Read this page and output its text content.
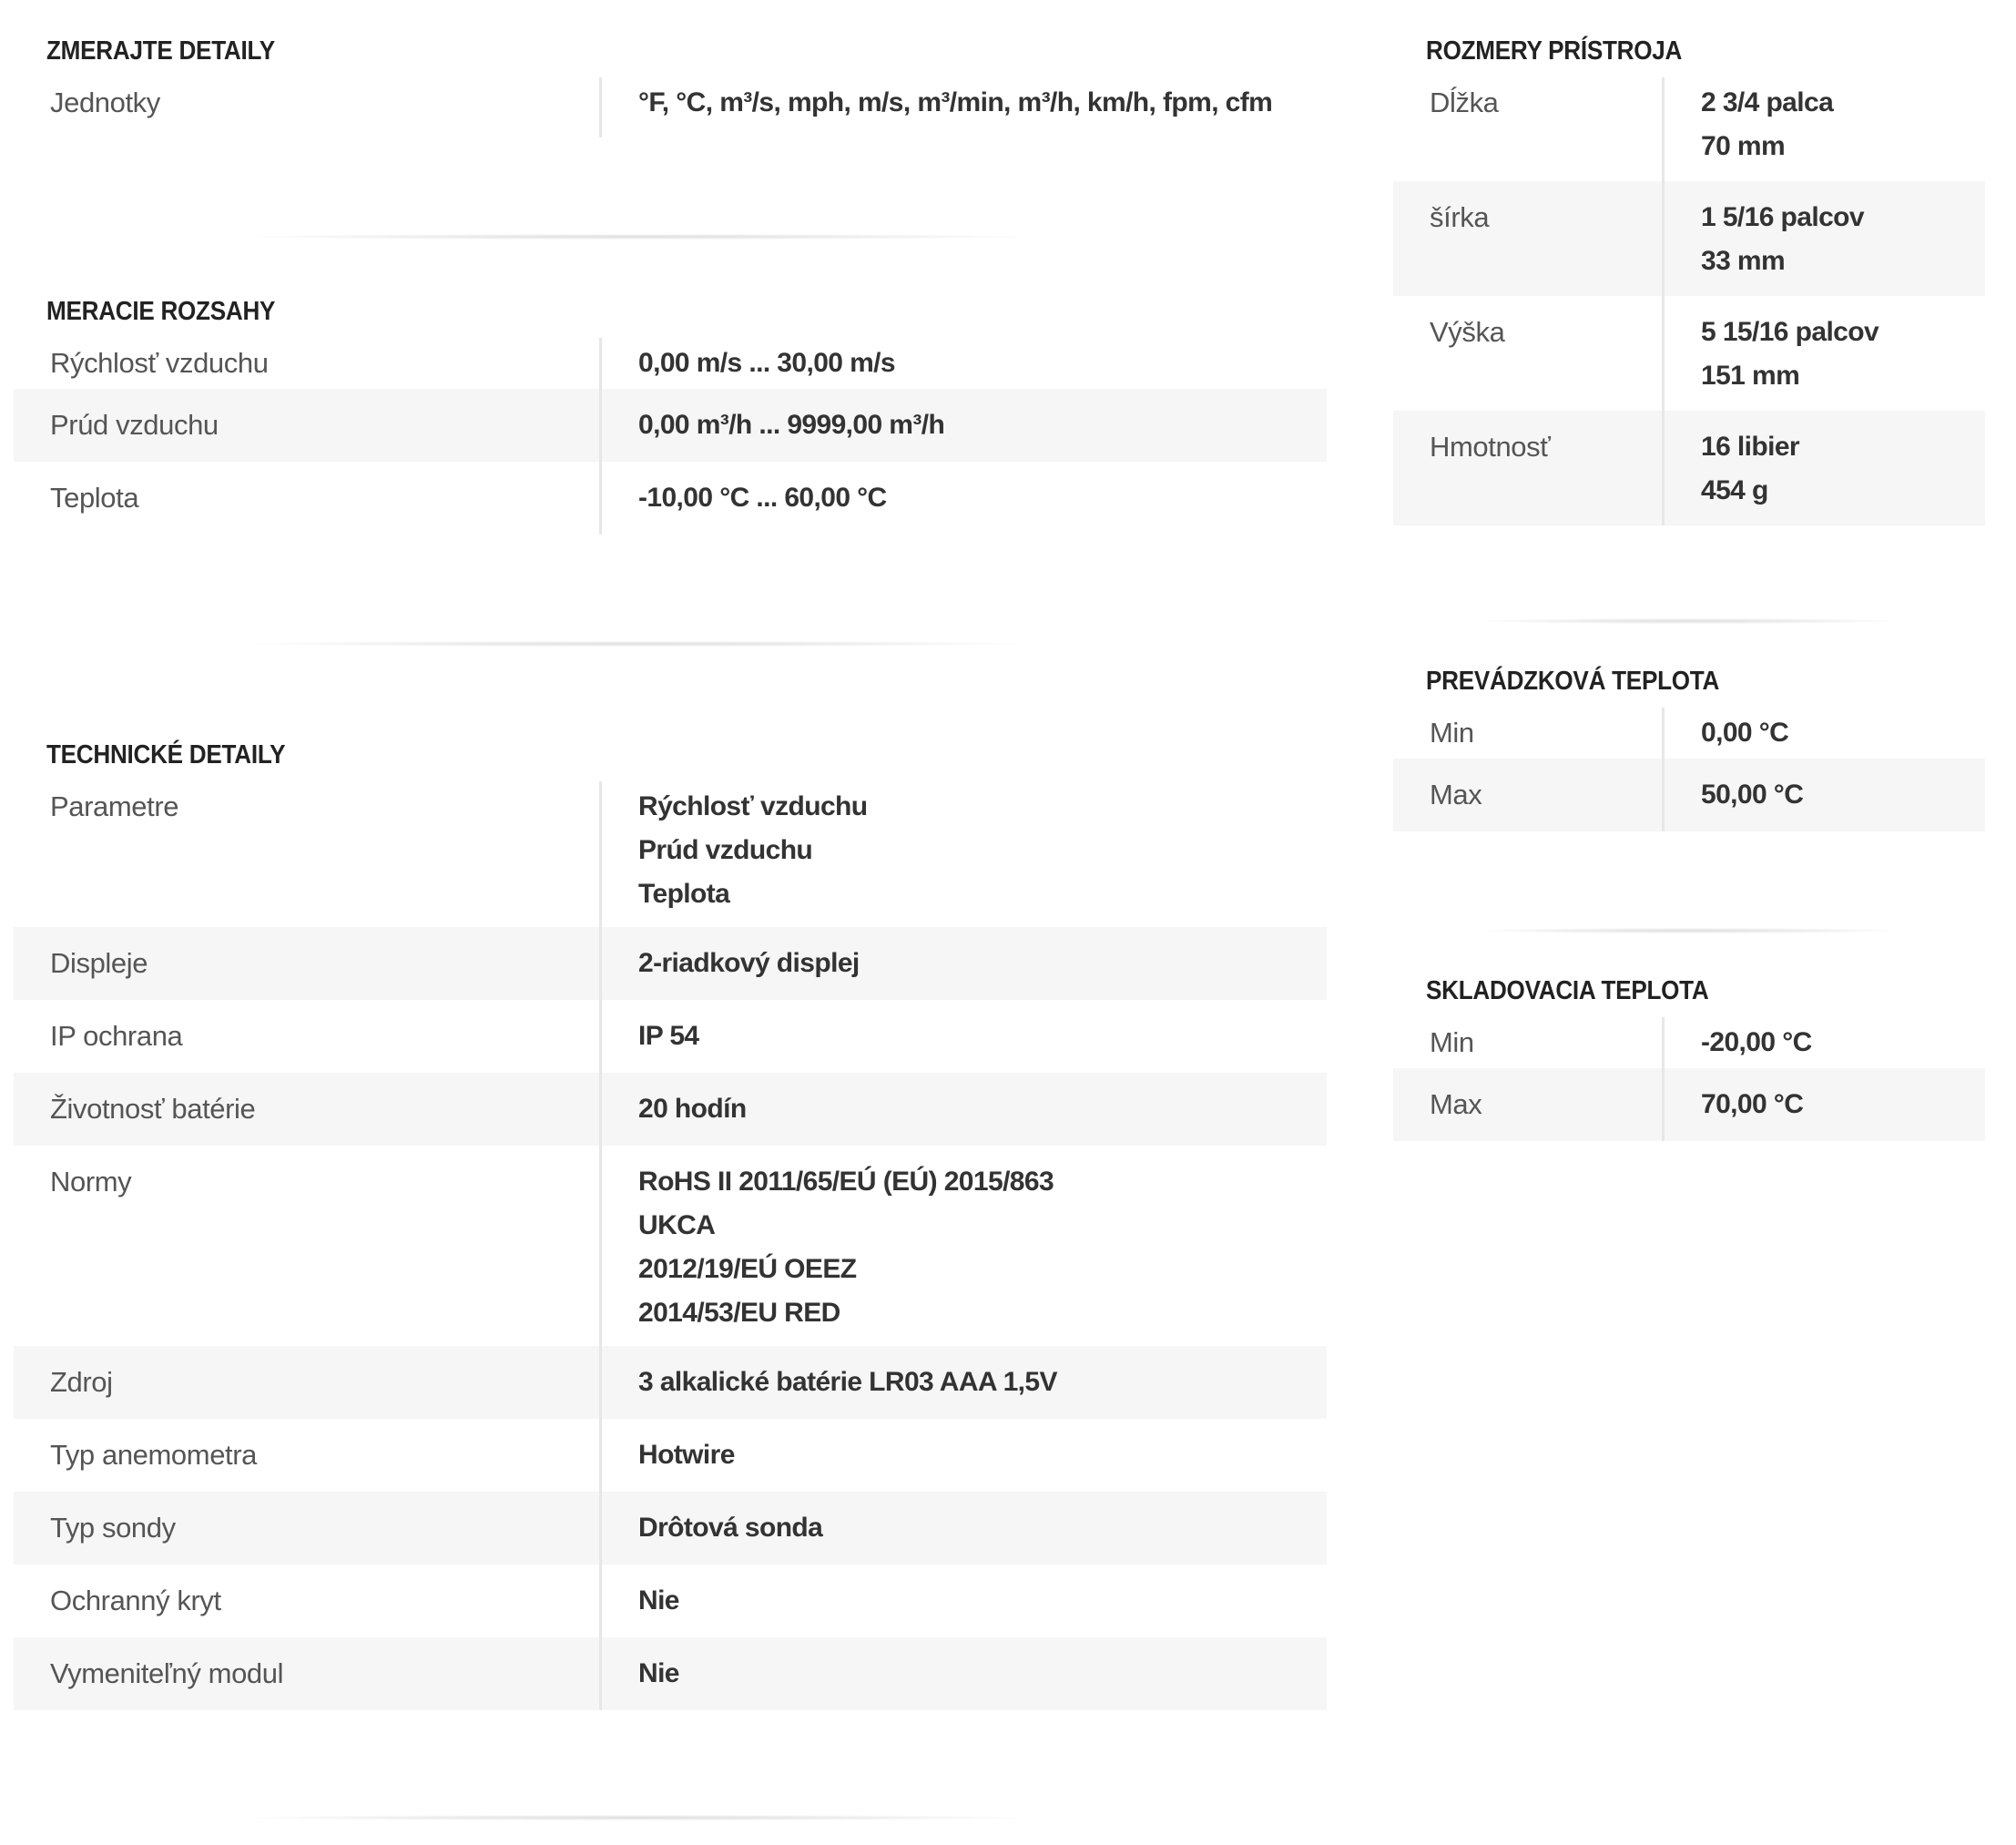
ZMERAJTE DETAILY
Jednotky	°F, °C, m³/s, mph, m/s, m³/min, m³/h, km/h, fpm, cfm
MERACIE ROZSAHY
Rýchlosť vzduchu	0,00 m/s ... 30,00 m/s
Prúd vzduchu	0,00 m³/h ... 9999,00 m³/h
Teplota	-10,00 °C ... 60,00 °C
TECHNICKÉ DETAILY
Parametre	Rýchlosť vzduchu
Prúd vzduchu
Teplota

Displeje	2-riadkový displej
IP ochrana	IP 54
Životnosť batérie	20 hodín
Normy	RoHS II 2011/65/EÚ (EÚ) 2015/863
UKCA
2012/19/EÚ OEEZ
2014/53/EU RED

Zdroj	3 alkalické batérie LR03 AAA 1,5V
Typ anemometra	Hotwire
Typ sondy	Drôtová sonda
Ochranný kryt	Nie
Vymeniteľný modul	Nie
ROZMERY PRÍSTROJA
Dĺžka	2 3/4 palca
70 mm

šírka	1 5/16 palcov
33 mm

Výška	5 15/16 palcov
151 mm

Hmotnosť	16 libier
454 g
PREVÁDZKOVÁ TEPLOTA
Min	0,00 °C
Max	50,00 °C
SKLADOVACIA TEPLOTA
Min	-20,00 °C
Max	70,00 °C
